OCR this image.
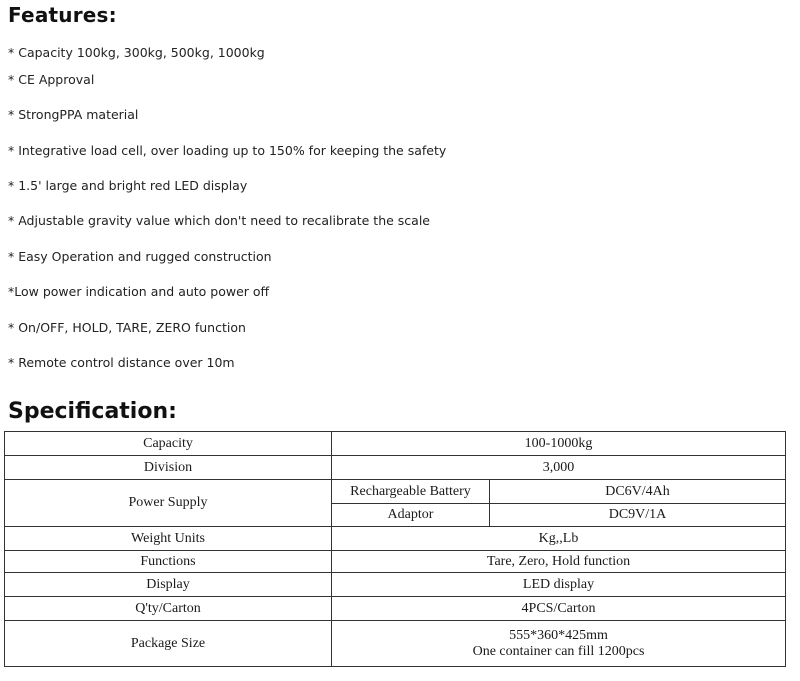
Features:
* Capacity 100kg, 300kg, 500kg, 1000kg
* CE Approval
* StrongPPA material
* Integrative load cell, over loading up to 150% for keeping the safety
* 1.5' large and bright red LED display
* Adjustable gravity value which don't need to recalibrate the scale
* Easy Operation and rugged construction
*Low power indication and auto power off
* On/OFF, HOLD, TARE, ZERO function
* Remote control distance over 10m
Specification:
Capacity	100-1000kg	
Division	3,000	
Power Supply	Rechargeable Battery	DC6V/4Ah
	Adaptor	DC9V/1A
Weight Units	Kg,,Lb	
Functions	Tare, Zero, Hold function	
Display	LED display	
Q'ty/Carton	4PCS/Carton	
Package Size	555*360*425mm
One container can fill 1200pcs	
